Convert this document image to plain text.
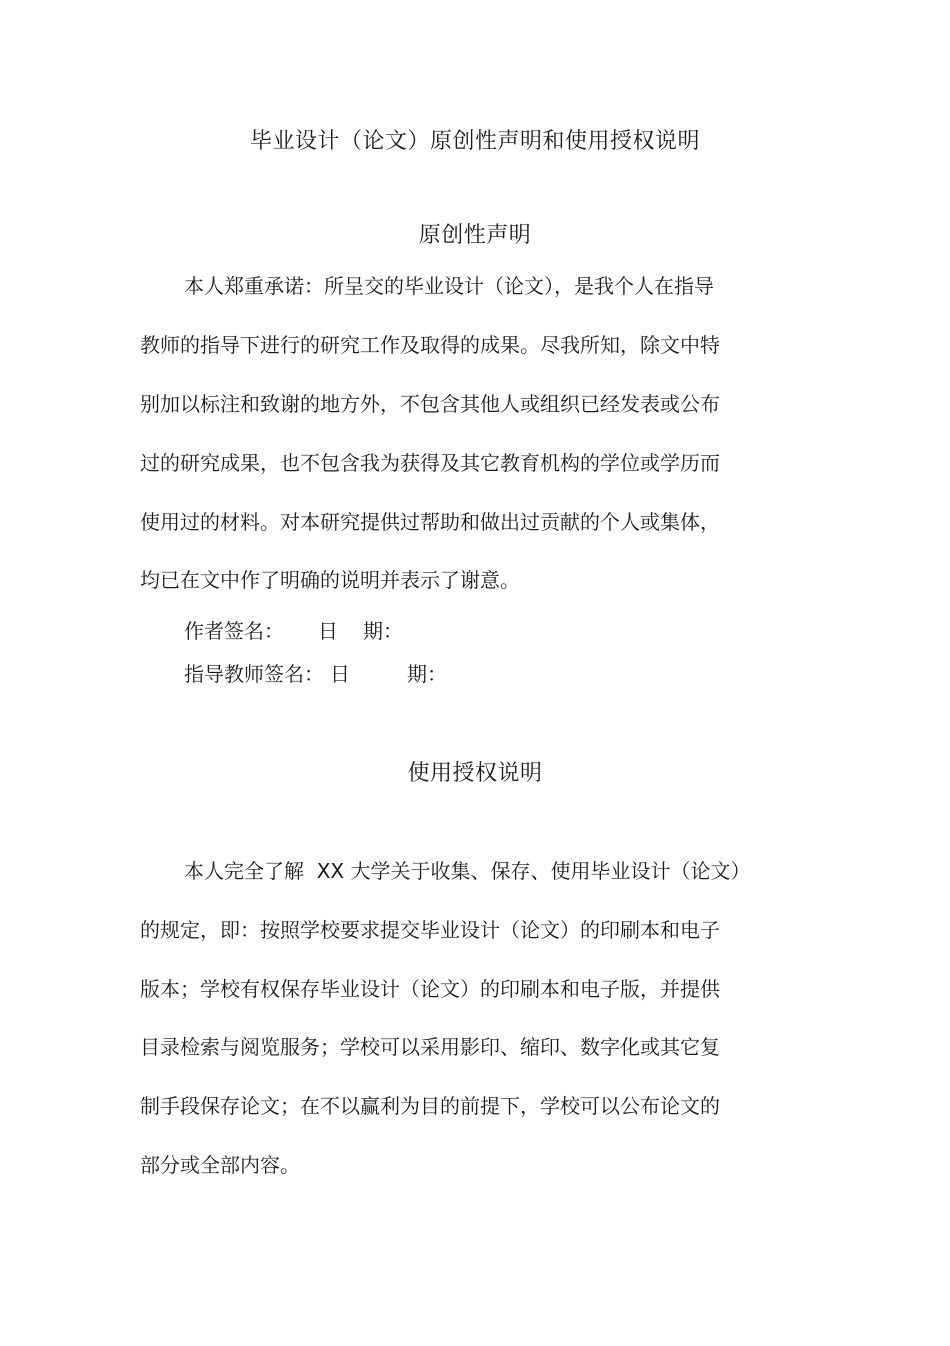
毕业设计（论文）原创性声明和使用授权说明
原创性声明
本人郑重承诺：所呈交的毕业设计（论文），是我个人在指导
教师的指导下进行的研究工作及取得的成果。尽我所知，除文中特
别加以标注和致谢的地方外，不包含其他人或组织已经发表或公布
过的研究成果，也不包含我为获得及其它教育机构的学位或学历而
使用过的材料。对本研究提供过帮助和做出过贡献的个人或集体，
均已在文中作了明确的说明并表示了谢意。
作者签名： 日 期：
指导教师签名： 日	期：
使用授权说明
本人完全了解  XX 大学关于收集、保存、使用毕业设计（论文）
的规定，即：按照学校要求提交毕业设计（论文）的印刷本和电子
版本；学校有权保存毕业设计（论文）的印刷本和电子版，并提供
目录检索与阅览服务；学校可以采用影印、缩印、数字化或其它复
制手段保存论文；在不以赢利为目的前提下，学校可以公布论文的
部分或全部内容。
